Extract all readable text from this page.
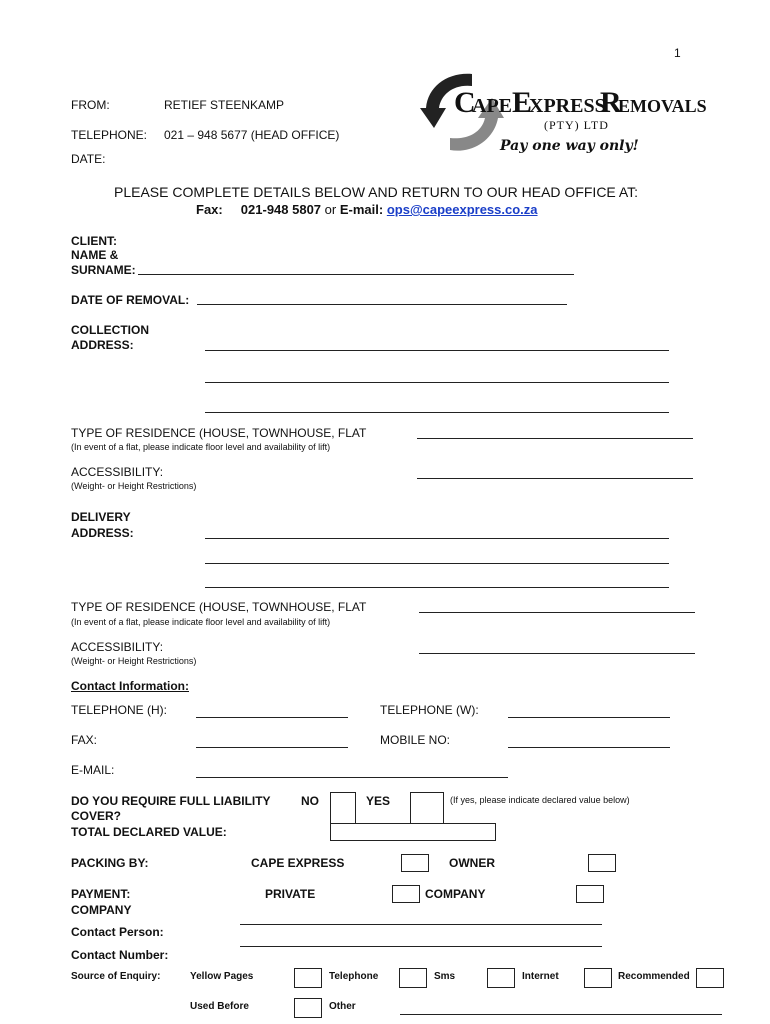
1
FROM:	RETIEF STEENKAMP
TELEPHONE: 021 – 948 5677 (HEAD OFFICE)
DATE:
C
APE E
XPRESS
R
EMOVALS
(PTY) LTD
Pay one way only!
PLEASE COMPLETE DETAILS BELOW AND RETURN TO OUR HEAD OFFICE AT:
Fax: 021-948 5807 or E-mail: ops@capeexpress.co.za
CLIENT:
NAME &
SURNAME:
DATE OF REMOVAL:
COLLECTION
ADDRESS:
TYPE OF RESIDENCE (HOUSE, TOWNHOUSE, FLAT
(In event of a flat, please indicate floor level and availability of lift)
ACCESSIBILITY:
(Weight- or Height Restrictions)
DELIVERY
ADDRESS:
TYPE OF RESIDENCE (HOUSE, TOWNHOUSE, FLAT
(In event of a flat, please indicate floor level and availability of lift)
ACCESSIBILITY:
(Weight- or Height Restrictions)
Contact Information:
TELEPHONE (H):	TELEPHONE (W):
FAX:	MOBILE NO:
E-MAIL:
DO YOU REQUIRE FULL LIABILITY
COVER?
NO	YES	(If yes, please indicate declared value below)
TOTAL DECLARED VALUE:
PACKING BY:	CAPE EXPRESS	OWNER
PAYMENT:
COMPANY
PRIVATE	COMPANY
Contact Person:
Contact Number:
Source of Enquiry:	Yellow Pages	Telephone	Sms	Internet	Recommended
Used Before	Other
